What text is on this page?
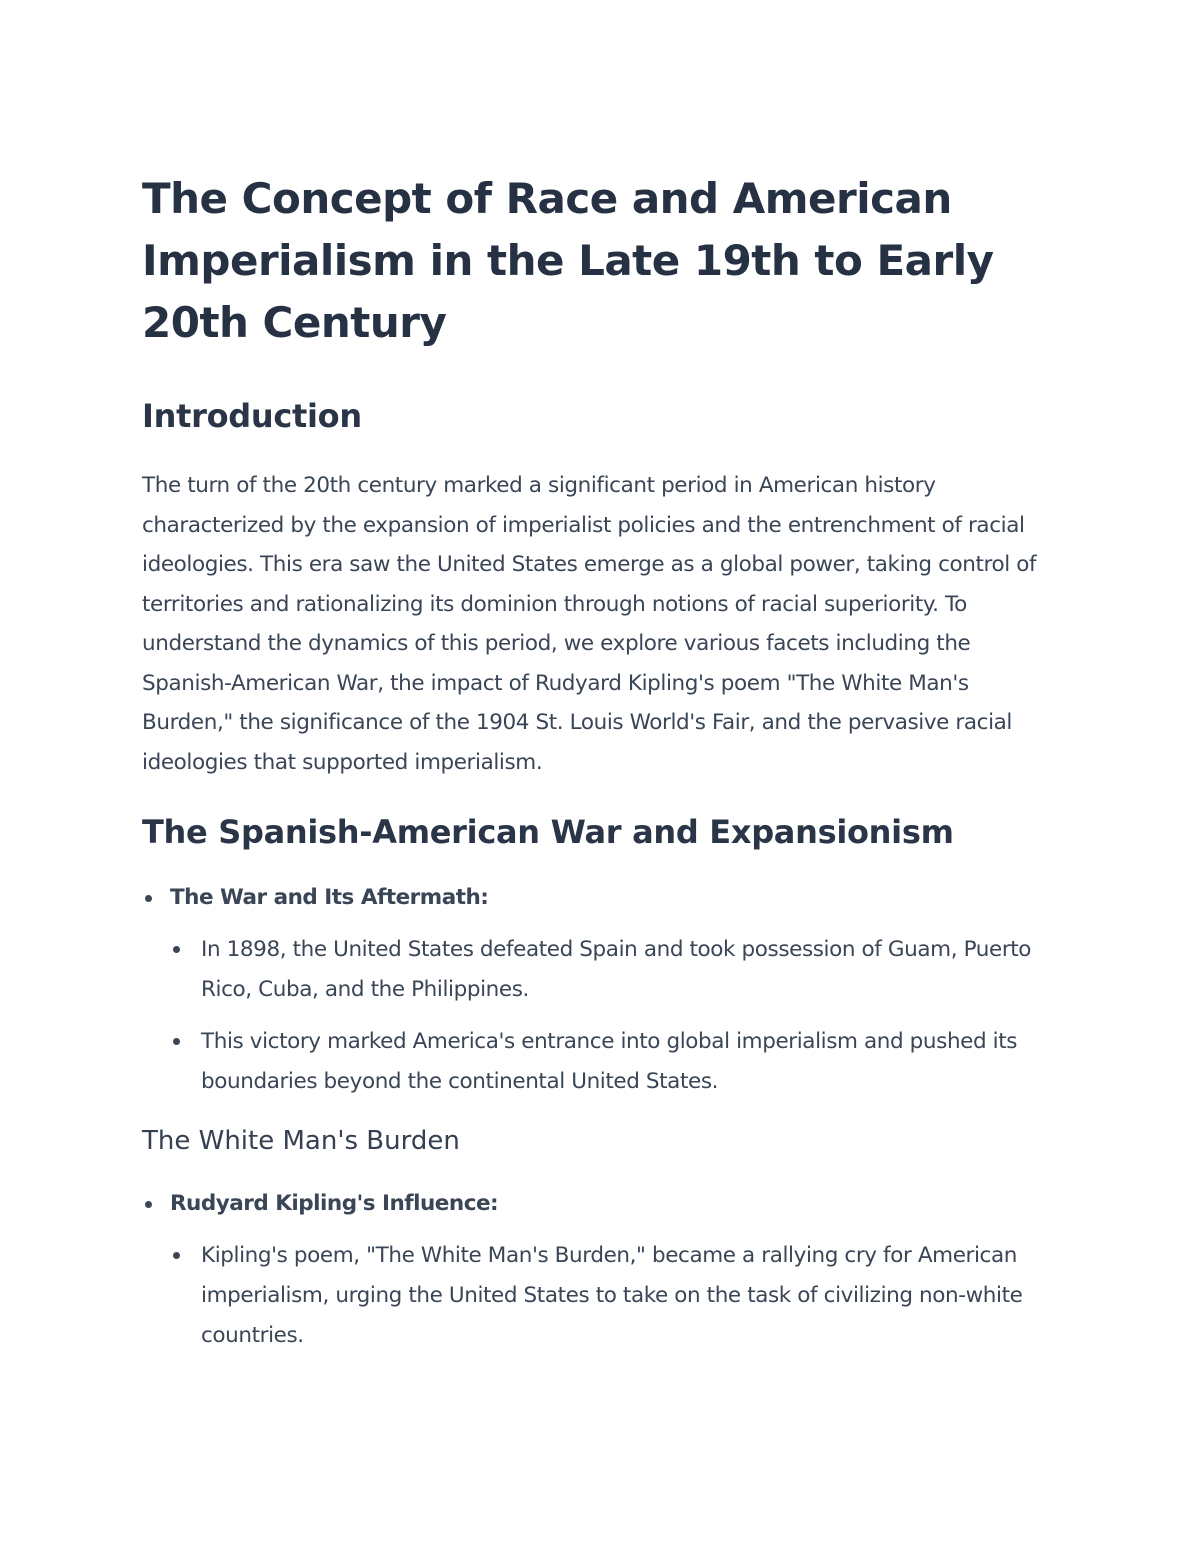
The Concept of Race and American Imperialism in the Late 19th to Early 20th Century
Introduction

The turn of the 20th century marked a significant period in American history characterized by the expansion of imperialist policies and the entrenchment of racial ideologies. This era saw the United States emerge as a global power, taking control of territories and rationalizing its dominion through notions of racial superiority. To understand the dynamics of this period, we explore various facets including the Spanish-American War, the impact of Rudyard Kipling's poem "The White Man's Burden," the significance of the 1904 St. Louis World's Fair, and the pervasive racial ideologies that supported imperialism.

The Spanish-American War and Expansionism
The War and Its Aftermath:
In 1898, the United States defeated Spain and took possession of Guam, Puerto Rico, Cuba, and the Philippines.
This victory marked America's entrance into global imperialism and pushed its boundaries beyond the continental United States.
The White Man's Burden
Rudyard Kipling's Influence:
Kipling's poem, "The White Man's Burden," became a rallying cry for American imperialism, urging the United States to take on the task of civilizing non-white countries.
